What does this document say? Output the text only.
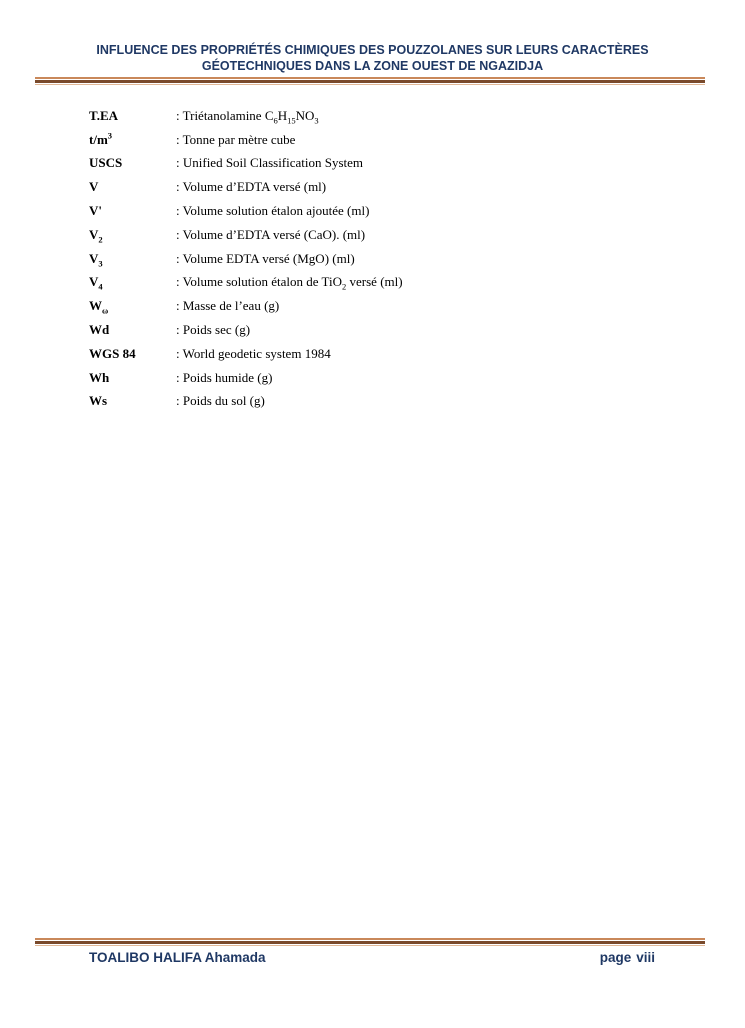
INFLUENCE DES PROPRIÉTÉS CHIMIQUES DES POUZZOLANES SUR LEURS CARACTÈRES
GÉOTECHNIQUES DANS LA ZONE OUEST DE NGAZIDJA
T.EA	: Triétanolamine $C_6H_{15}NO_3$
$t/m^3$	: Tonne par mètre cube
USCS	: Unified Soil Classification System
V	: Volume d’EDTA versé (ml)
V'	: Volume solution étalon ajoutée (ml)
$V_2$	: Volume d’EDTA versé (CaO). (ml)
$V_3$	: Volume EDTA versé (MgO) (ml)
$V_4$	: Volume solution étalon de TiO$_2$ versé (ml)
$W_\omega$	: Masse de l’eau (g)
Wd	: Poids sec (g)
WGS 84	: World geodetic system 1984
Wh	: Poids humide (g)
Ws	: Poids du sol (g)
TOALIBO HALIFA Ahamada	page viii
